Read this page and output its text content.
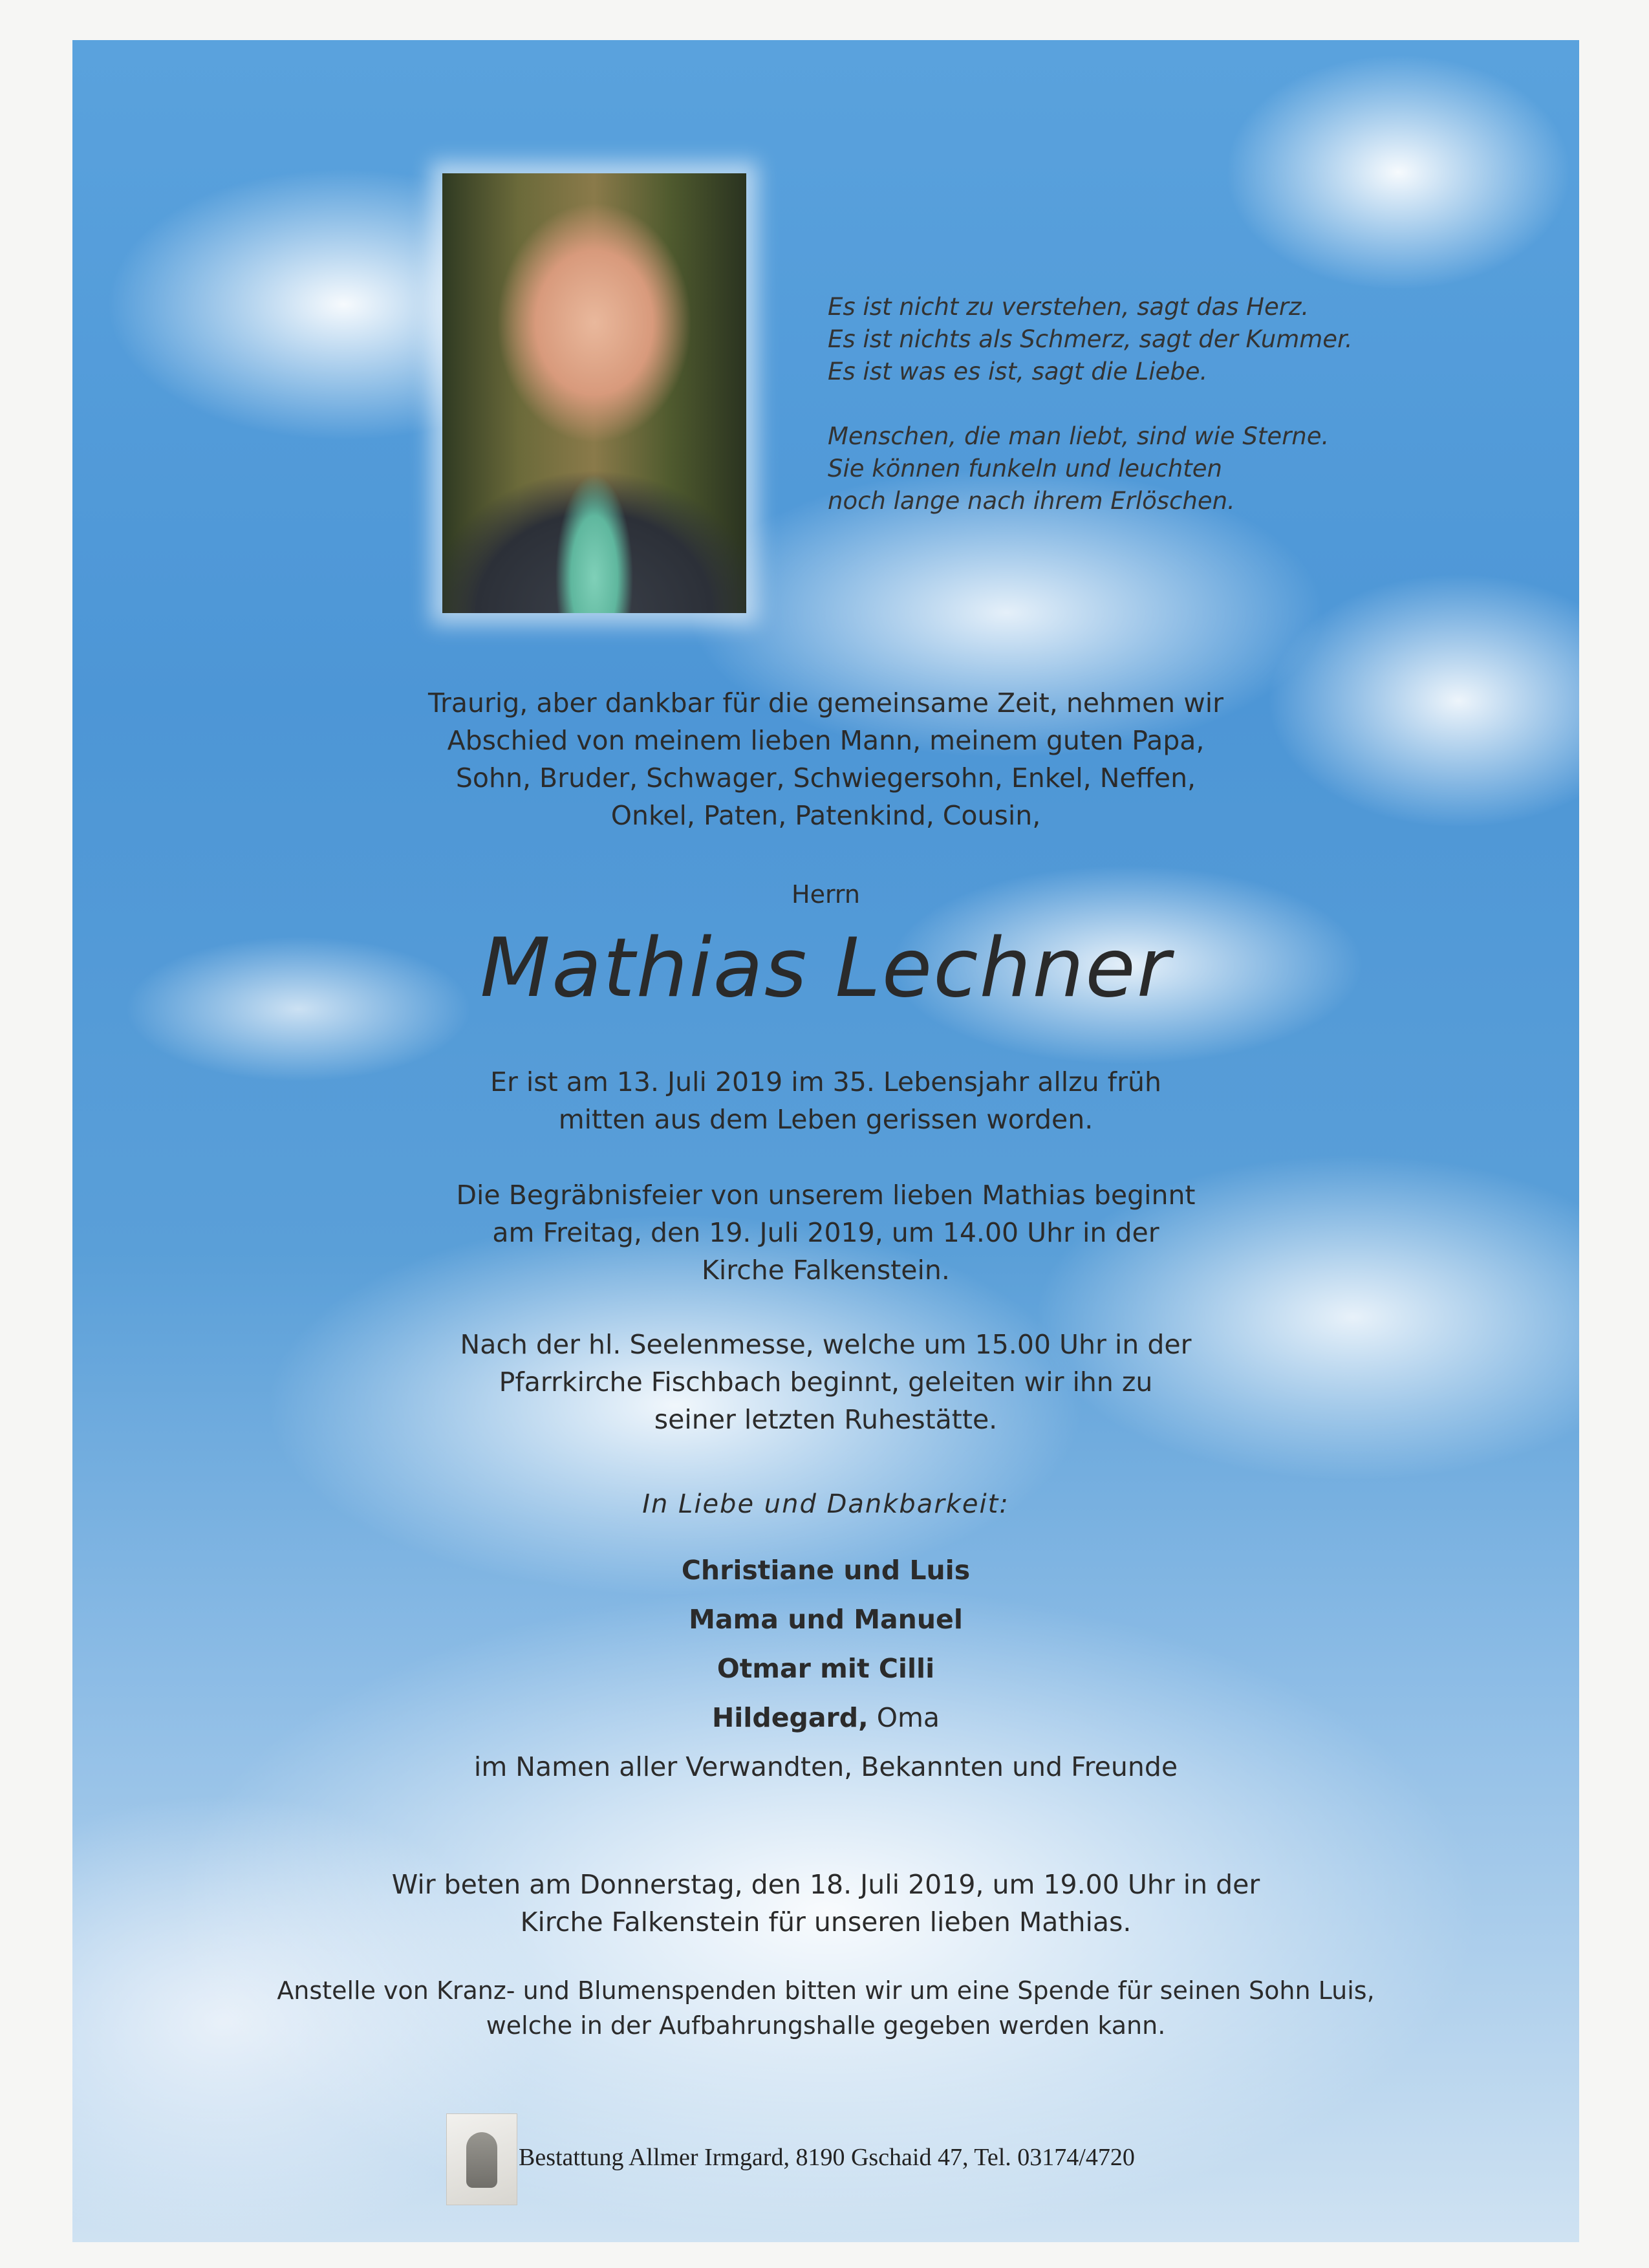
Es ist nicht zu verstehen, sagt das Herz.
Es ist nichts als Schmerz, sagt der Kummer.
Es ist was es ist, sagt die Liebe.
Menschen, die man liebt, sind wie Sterne.
Sie können funkeln und leuchten
noch lange nach ihrem Erlöschen.
Traurig, aber dankbar für die gemeinsame Zeit, nehmen wir
Abschied von meinem lieben Mann, meinem guten Papa,
Sohn, Bruder, Schwager, Schwiegersohn, Enkel, Neffen,
Onkel, Paten, Patenkind, Cousin,
Herrn
Mathias Lechner
Er ist am 13. Juli 2019 im 35. Lebensjahr allzu früh
mitten aus dem Leben gerissen worden.
Die Begräbnisfeier von unserem lieben Mathias beginnt
am Freitag, den 19. Juli 2019, um 14.00 Uhr in der
Kirche Falkenstein.
Nach der hl. Seelenmesse, welche um 15.00 Uhr in der
Pfarrkirche Fischbach beginnt, geleiten wir ihn zu
seiner letzten Ruhestätte.
In Liebe und Dankbarkeit:
Christiane und Luis
Mama und Manuel
Otmar mit Cilli
Hildegard, Oma
im Namen aller Verwandten, Bekannten und Freunde
Wir beten am Donnerstag, den 18. Juli 2019, um 19.00 Uhr in der
Kirche Falkenstein für unseren lieben Mathias.
Anstelle von Kranz- und Blumenspenden bitten wir um eine Spende für seinen Sohn Luis,
welche in der Aufbahrungshalle gegeben werden kann.
Bestattung Allmer Irmgard, 8190 Gschaid 47, Tel. 03174/4720
